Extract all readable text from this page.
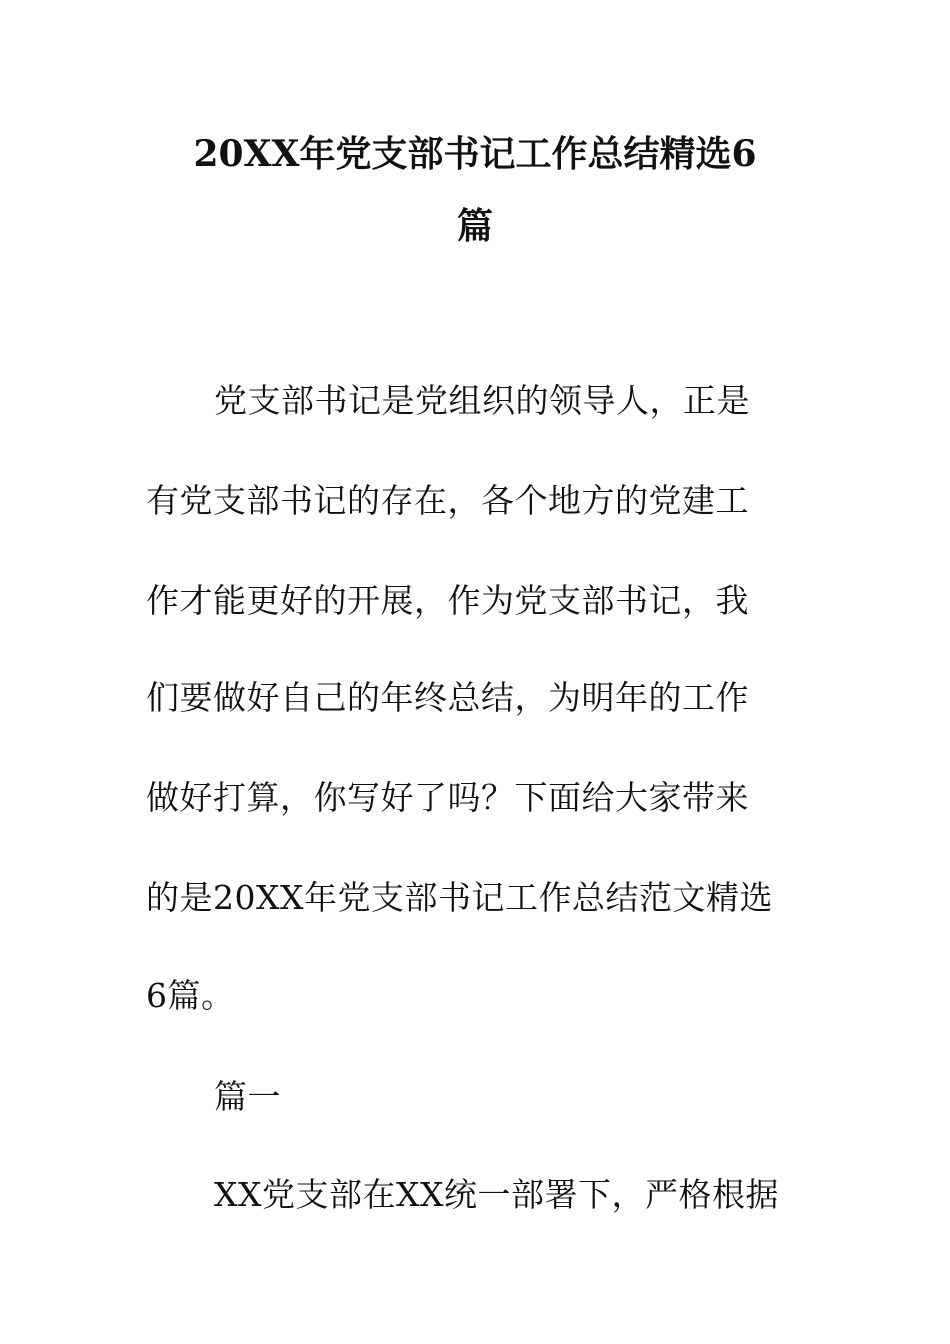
20XX年党支部书记工作总结精选6
篇

党支部书记是党组织的领导人，正是

有党支部书记的存在，各个地方的党建工

作才能更好的开展，作为党支部书记，我

们要做好自己的年终总结，为明年的工作

做好打算，你写好了吗？下面给大家带来

的是20XX年党支部书记工作总结范文精选

6篇。

篇一

XX党支部在XX统一部署下，严格根据
